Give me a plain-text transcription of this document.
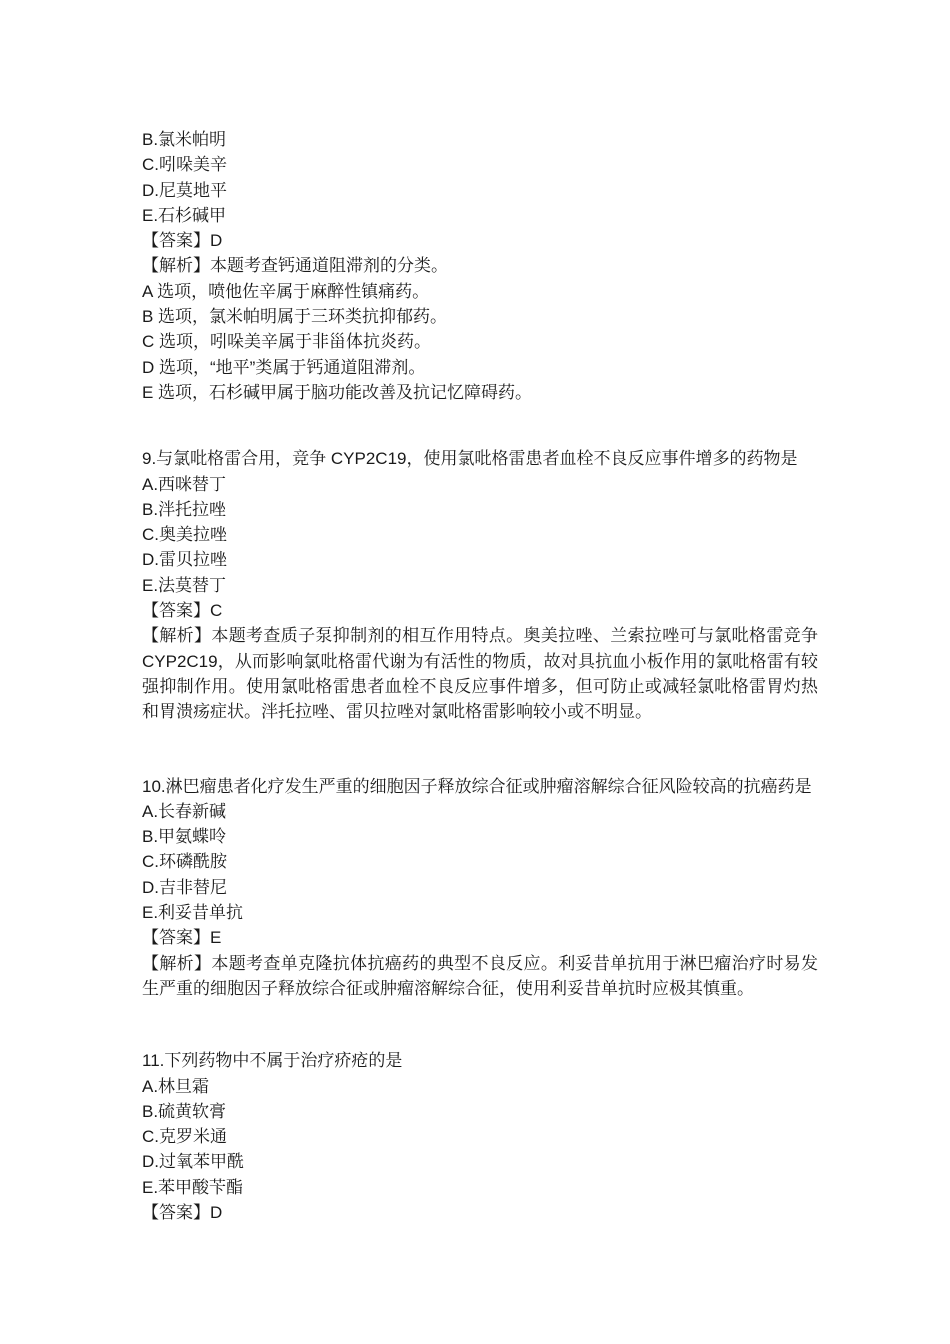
B.氯米帕明

C.吲哚美辛

D.尼莫地平

E.石杉碱甲

【答案】D

【解析】本题考查钙通道阻滞剂的分类。

A 选项，喷他佐辛属于麻醉性镇痛药。

B 选项，氯米帕明属于三环类抗抑郁药。

C 选项，吲哚美辛属于非甾体抗炎药。

D 选项，“地平”类属于钙通道阻滞剂。

E 选项，石杉碱甲属于脑功能改善及抗记忆障碍药。

9.与氯吡格雷合用，竞争 CYP2C19，使用氯吡格雷患者血栓不良反应事件增多的药物是

A.西咪替丁

B.泮托拉唑

C.奥美拉唑

D.雷贝拉唑

E.法莫替丁

【答案】C

【解析】本题考查质子泵抑制剂的相互作用特点。奥美拉唑、兰索拉唑可与氯吡格雷竞争 CYP2C19，从而影响氯吡格雷代谢为有活性的物质，故对具抗血小板作用的氯吡格雷有较强抑制作用。使用氯吡格雷患者血栓不良反应事件增多，但可防止或减轻氯吡格雷胃灼热和胃溃疡症状。泮托拉唑、雷贝拉唑对氯吡格雷影响较小或不明显。

10.淋巴瘤患者化疗发生严重的细胞因子释放综合征或肿瘤溶解综合征风险较高的抗癌药是

A.长春新碱

B.甲氨蝶呤

C.环磷酰胺

D.吉非替尼

E.利妥昔单抗

【答案】E

【解析】本题考查单克隆抗体抗癌药的典型不良反应。利妥昔单抗用于淋巴瘤治疗时易发生严重的细胞因子释放综合征或肿瘤溶解综合征，使用利妥昔单抗时应极其慎重。

11.下列药物中不属于治疗疥疮的是

A.林旦霜

B.硫黄软膏

C.克罗米通

D.过氧苯甲酰

E.苯甲酸苄酯

【答案】D
